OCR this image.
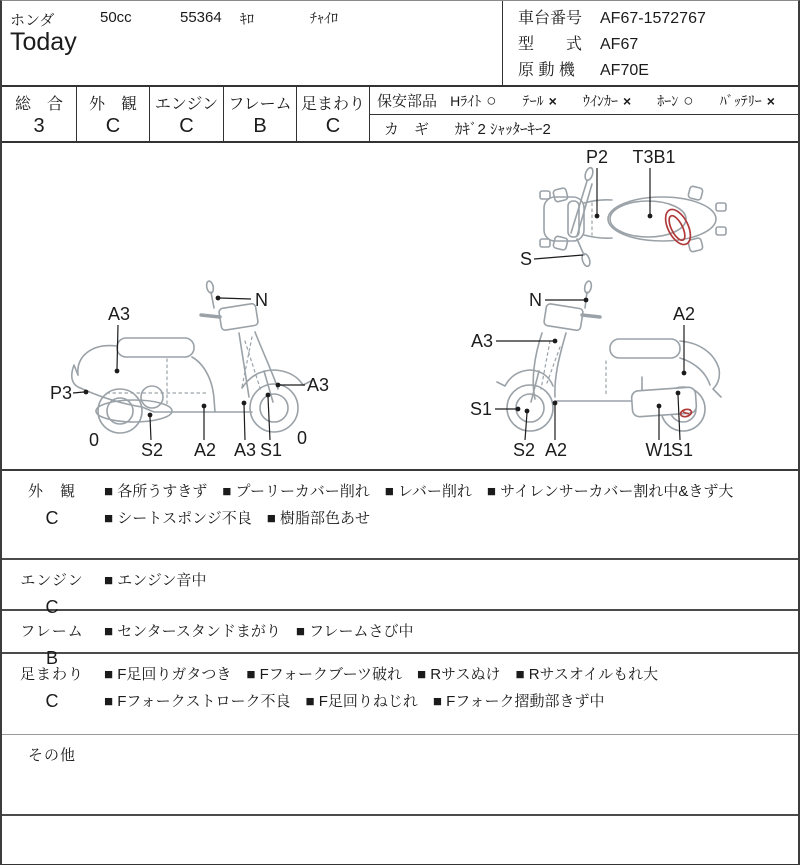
ホンダ	50cc	55364 ｷﾛ	ﾁｬｲﾛ
Today
車台番号 AF67-1572767
型　　式 AF67
原 動 機 AF70E
総　合
3
外　観
C
エンジン
C
フレーム
B
足まわり
C
保安部品 Hﾗｲﾄ ○ ﾃｰﾙ × ｳｲﾝｶｰ × ﾎｰﾝ ○ ﾊﾞｯﾃﾘｰ ×
カ　ギ ｶｷﾞ2 ｼｬｯﾀｰｷｰ2
P2 T3B1
S
A3
N
P3
0 S2 A2 A3 S1
A3
0
N
A3
A2
S1
S2 A2	W1
S1
外　観
C
■ 各所うすきず ■ プーリーカバー削れ ■ レバー削れ ■ サイレンサーカバー割れ中&きず大■ シートスポンジ不良 ■ 樹脂部色あせ
エンジン
C
■ エンジン音中
フレーム
B
■ センタースタンドまがり ■ フレームさび中
足まわり
C
■ F足回りガタつき ■ Fフォークブーツ破れ ■ Rサスぬけ ■ Rサスオイルもれ大■ Fフォークストローク不良 ■ F足回りねじれ ■ Fフォーク摺動部きず中
その他
